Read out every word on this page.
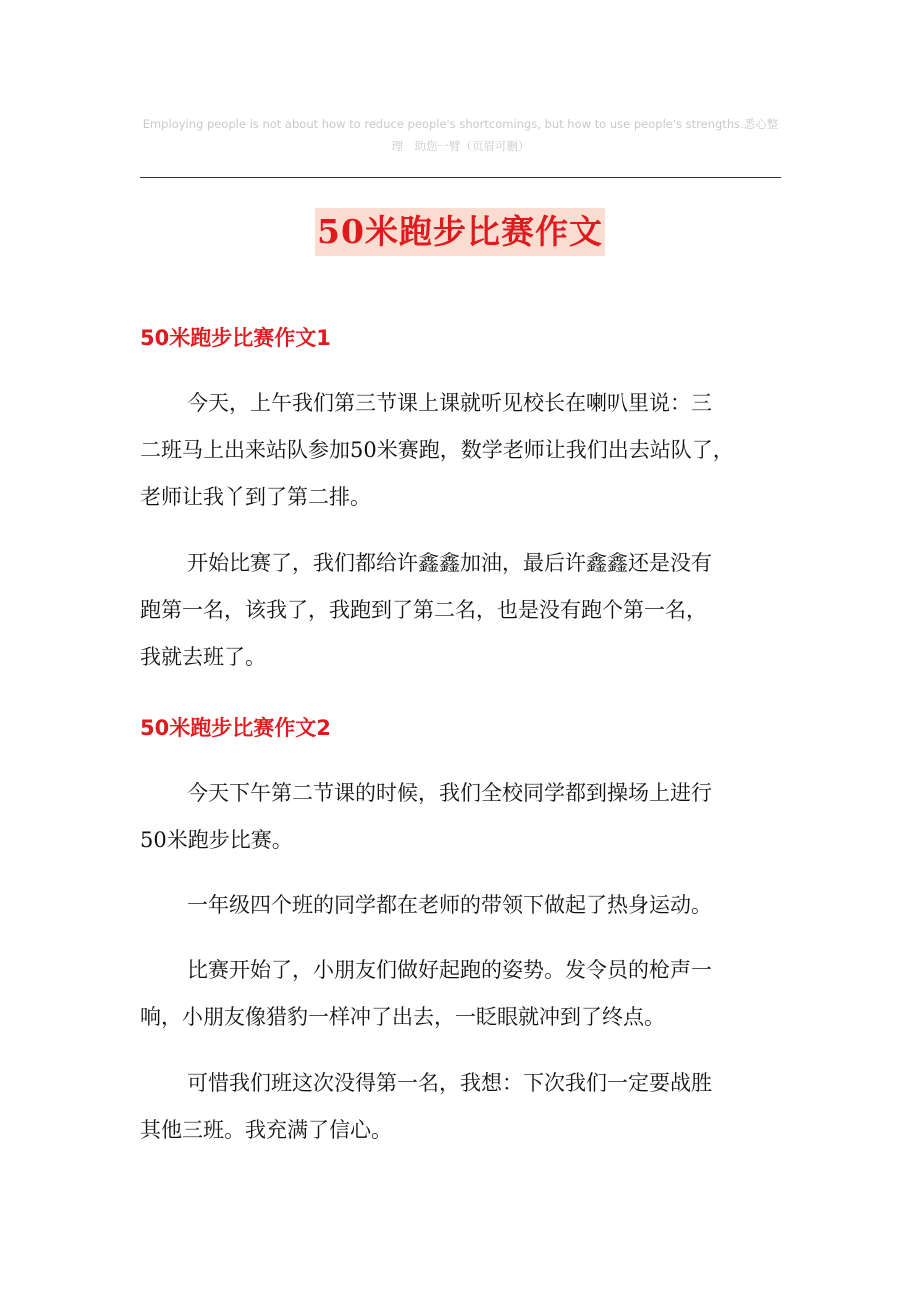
Employing people is not about how to reduce people's shortcomings, but how to use people's strengths.悉心整
理　助您一臂（页眉可删）
50米跑步比赛作文
50米跑步比赛作文1

今天，上午我们第三节课上课就听见校长在喇叭里说：三
二班马上出来站队参加50米赛跑，数学老师让我们出去站队了，
老师让我丫到了第二排。

开始比赛了，我们都给许鑫鑫加油，最后许鑫鑫还是没有
跑第一名，该我了，我跑到了第二名，也是没有跑个第一名，
我就去班了。

50米跑步比赛作文2

今天下午第二节课的时候，我们全校同学都到操场上进行
50米跑步比赛。

一年级四个班的同学都在老师的带领下做起了热身运动。

比赛开始了，小朋友们做好起跑的姿势。发令员的枪声一
响，小朋友像猎豹一样冲了出去，一眨眼就冲到了终点。

可惜我们班这次没得第一名，我想：下次我们一定要战胜
其他三班。我充满了信心。
